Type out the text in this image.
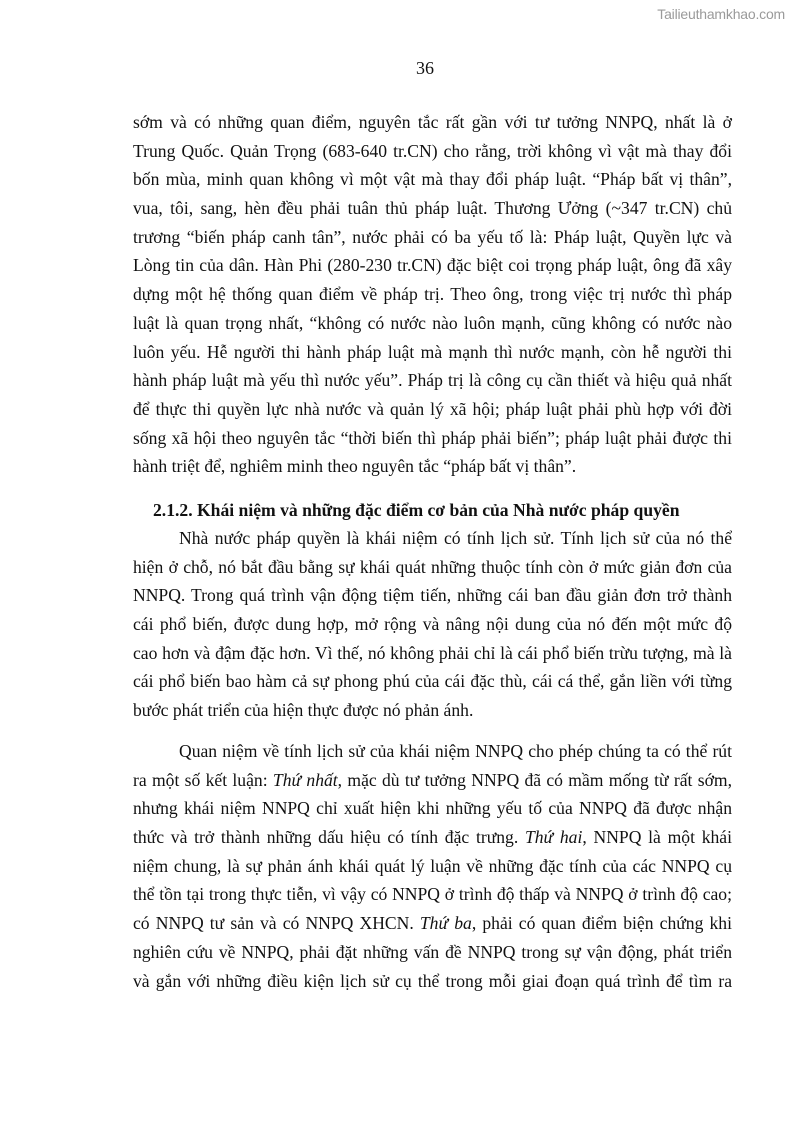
Tailieuthamkhao.com
36
sớm và có những quan điểm, nguyên tắc rất gần với tư tưởng NNPQ, nhất là ở
Trung Quốc. Quản Trọng (683-640 tr.CN) cho rằng, trời không vì vật mà thay đổi
bốn mùa, minh quan không vì một vật mà thay đổi pháp luật. “Pháp bất vị thân”,
vua, tôi, sang, hèn đều phải tuân thủ pháp luật. Thương Ưởng (~347 tr.CN) chủ
trương “biến pháp canh tân”, nước phải có ba yếu tố là: Pháp luật, Quyền lực và
Lòng tin của dân. Hàn Phi (280-230 tr.CN) đặc biệt coi trọng pháp luật, ông đã xây
dựng một hệ thống quan điểm về pháp trị. Theo ông, trong việc trị nước thì pháp
luật là quan trọng nhất, “không có nước nào luôn mạnh, cũng không có nước nào
luôn yếu. Hễ người thi hành pháp luật mà mạnh thì nước mạnh, còn hễ người thi
hành pháp luật mà yếu thì nước yếu”. Pháp trị là công cụ cần thiết và hiệu quả nhất
để thực thi quyền lực nhà nước và quản lý xã hội; pháp luật phải phù hợp với đời
sống xã hội theo nguyên tắc “thời biến thì pháp phải biến”; pháp luật phải được thi
hành triệt để, nghiêm minh theo nguyên tắc “pháp bất vị thân”.
2.1.2. Khái niệm và những đặc điểm cơ bản của Nhà nước pháp quyền
Nhà nước pháp quyền là khái niệm có tính lịch sử. Tính lịch sử của nó thể
hiện ở chỗ, nó bắt đầu bằng sự khái quát những thuộc tính còn ở mức giản đơn của
NNPQ. Trong quá trình vận động tiệm tiến, những cái ban đầu giản đơn trở thành
cái phổ biến, được dung hợp, mở rộng và nâng nội dung của nó đến một mức độ
cao hơn và đậm đặc hơn. Vì thế, nó không phải chỉ là cái phổ biến trừu tượng, mà là
cái phổ biến bao hàm cả sự phong phú của cái đặc thù, cái cá thể, gắn liền với từng
bước phát triển của hiện thực được nó phản ánh.
Quan niệm về tính lịch sử của khái niệm NNPQ cho phép chúng ta có thể rút
ra một số kết luận: Thứ nhất, mặc dù tư tưởng NNPQ đã có mầm mống từ rất sớm,
nhưng khái niệm NNPQ chỉ xuất hiện khi những yếu tố của NNPQ đã được nhận
thức và trở thành những dấu hiệu có tính đặc trưng. Thứ hai, NNPQ là một khái
niệm chung, là sự phản ánh khái quát lý luận về những đặc tính của các NNPQ cụ
thể tồn tại trong thực tiễn, vì vậy có NNPQ ở trình độ thấp và NNPQ ở trình độ cao;
có NNPQ tư sản và có NNPQ XHCN. Thứ ba, phải có quan điểm biện chứng khi
nghiên cứu về NNPQ, phải đặt những vấn đề NNPQ trong sự vận động, phát triển
và gắn với những điều kiện lịch sử cụ thể trong mỗi giai đoạn quá trình để tìm ra
